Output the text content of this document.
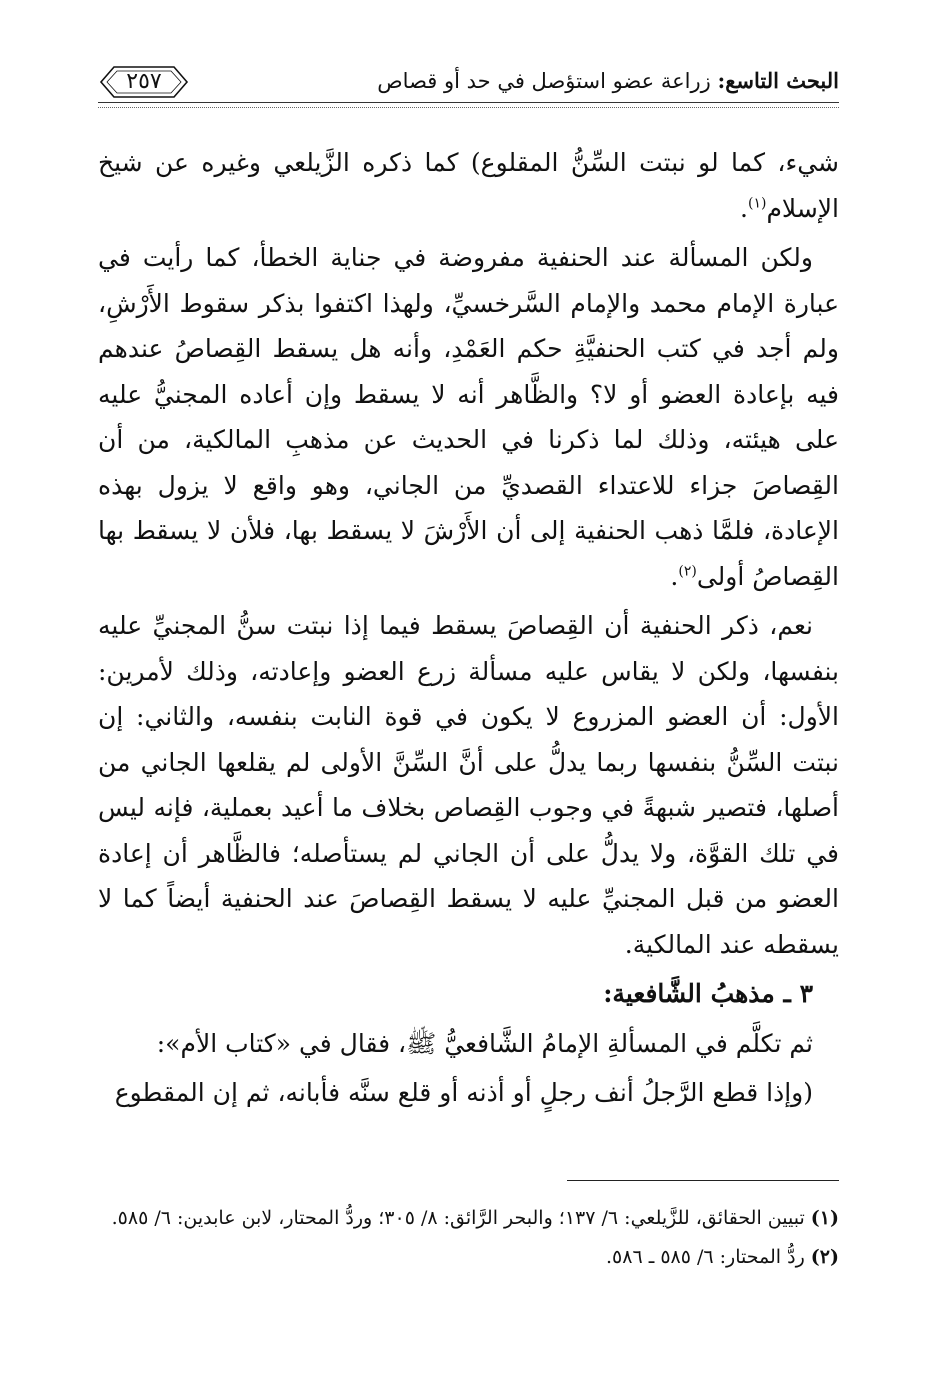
البحث التاسع: زراعة عضو استؤصل في حد أو قصاص
٢٥٧

شيء، كما لو نبتت السِّنُّ المقلوع) كما ذكره الزَّيلعي وغيره عن شيخ الإسلام$^{(١)}$.

ولكن المسألة عند الحنفية مفروضة في جناية الخطأ، كما رأيت في عبارة الإمام محمد والإمام السَّرخسيِّ، ولهذا اكتفوا بذكر سقوط الأَرْشِ، ولم أجد في كتب الحنفيَّةِ حكم العَمْدِ، وأنه هل يسقط القِصاصُ عندهم فيه بإعادة العضو أو لا؟ والظَّاهر أنه لا يسقط وإن أعاده المجنيُّ عليه على هيئته، وذلك لما ذكرنا في الحديث عن مذهبِ المالكية، من أن القِصاصَ جزاء للاعتداء القصديِّ من الجاني، وهو واقع لا يزول بهذه الإعادة، فلمَّا ذهب الحنفية إلى أن الأَرْشَ لا يسقط بها، فلأن لا يسقط بها القِصاصُ أولى$^{(٢)}$.

نعم، ذكر الحنفية أن القِصاصَ يسقط فيما إذا نبتت سنُّ المجنيِّ عليه بنفسها، ولكن لا يقاس عليه مسألة زرع العضو وإعادته، وذلك لأمرين: الأول: أن العضو المزروع لا يكون في قوة النابت بنفسه، والثاني: إن نبتت السِّنُّ بنفسها ربما يدلُّ على أنَّ السِّنَّ الأولى لم يقلعها الجاني من أصلها، فتصير شبهةً في وجوب القِصاص بخلاف ما أعيد بعملية، فإنه ليس في تلك القوَّة، ولا يدلُّ على أن الجاني لم يستأصله؛ فالظَّاهر أن إعادة العضو من قبل المجنيِّ عليه لا يسقط القِصاصَ عند الحنفية أيضاً كما لا يسقطه عند المالكية.

٣ ـ مذهبُ الشَّافعية:

ثم تكلَّم في المسألةِ الإمامُ الشَّافعيُّ ﷺ، فقال في «كتاب الأم»:

(وإذا قطع الرَّجلُ أنف رجلٍ أو أذنه أو قلع سنَّه فأبانه، ثم إن المقطوع

(١) تبيين الحقائق، للزَّيلعي: ٦/ ١٣٧؛ والبحر الرَّائق: ٨/ ٣٠٥؛ وردُّ المحتار، لابن عابدين: ٦/ ٥٨٥.

(٢) ردُّ المحتار: ٦/ ٥٨٥ ـ ٥٨٦.
